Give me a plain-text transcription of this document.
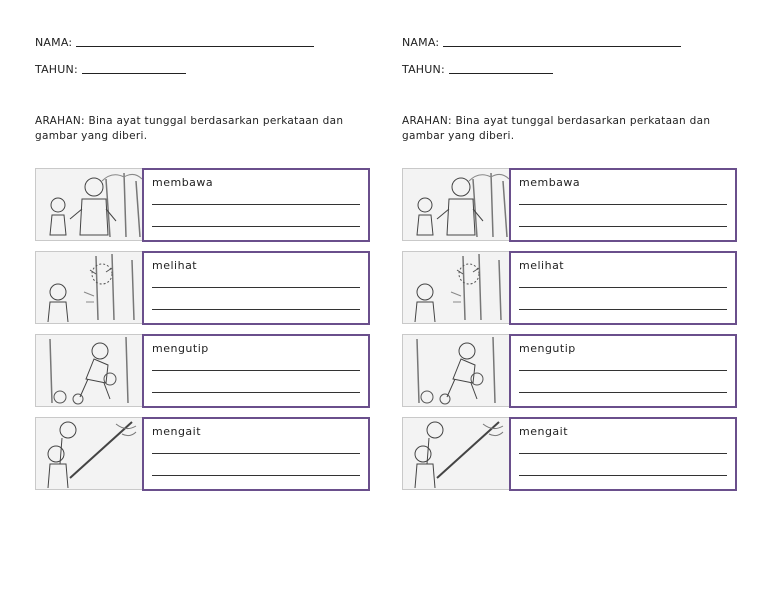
NAMA:
TAHUN:
ARAHAN: Bina ayat tunggal berdasarkan perkataan dan gambar yang diberi.
membawa
melihat
mengutip
mengait
NAMA:
TAHUN:
ARAHAN: Bina ayat tunggal berdasarkan perkataan dan gambar yang diberi.
membawa
melihat
mengutip
mengait
